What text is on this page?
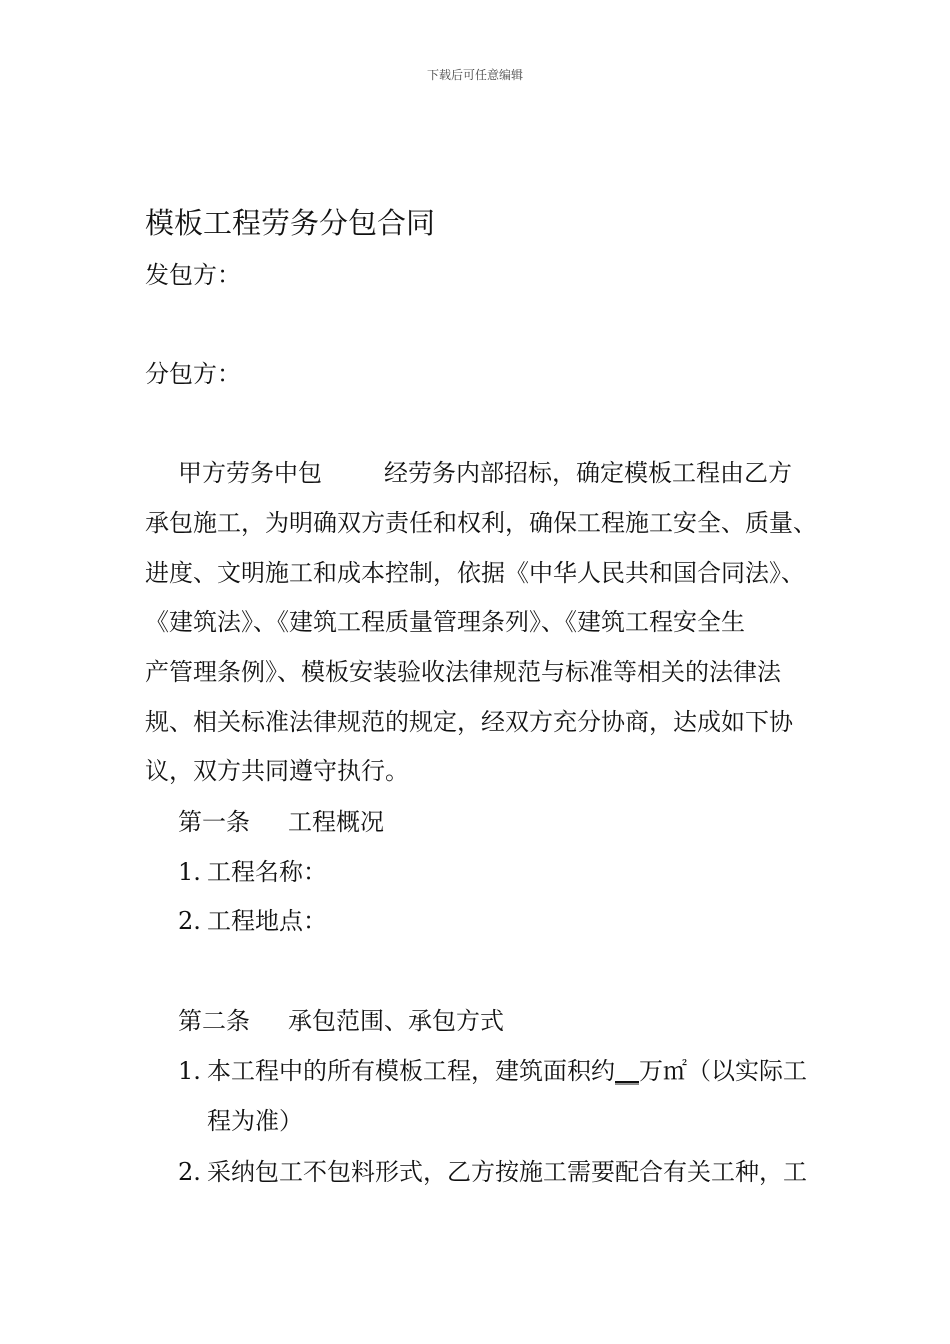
下载后可任意编辑
模板工程劳务分包合同
发包方：
分包方：
甲方劳务中包	经劳务内部招标，确定模板工程由乙方
承包施工，为明确双方责任和权利，确保工程施工安全、质量、
进度、文明施工和成本控制，依据《中华人民共和国合同法》、
《建筑法》、《建筑工程质量管理条列》、《建筑工程安全生
产管理条例》、模板安装验收法律规范与标准等相关的法律法
规、相关标准法律规范的规定，经双方充分协商，达成如下协
议，双方共同遵守执行。
第一条 工程概况
1. 工程名称：
2. 工程地点：
第二条 承包范围、承包方式
1. 本工程中的所有模板工程，建筑面积约__万㎡（以实际工
程为准）
2. 采纳包工不包料形式，乙方按施工需要配合有关工种，工
